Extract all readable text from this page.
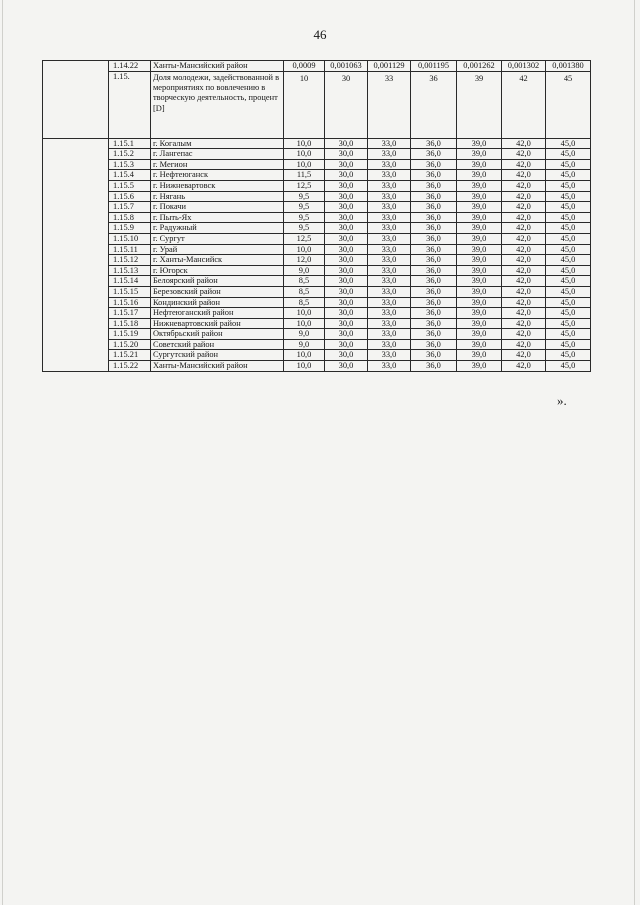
46
	1.14.22	Ханты-Мансийский район	0,0009	0,001063	0,001129	0,001195	0,001262	0,001302	0,001380
	1.15.	Доля молодежи, задействованной в мероприятиях по вовлечению в творческую деятельность, процент [D]	10	30	33	36	39	42	45
	1.15.1	г. Когалым	10,0	30,0	33,0	36,0	39,0	42,0	45,0
	1.15.2	г. Лангепас	10,0	30,0	33,0	36,0	39,0	42,0	45,0
	1.15.3	г. Мегион	10,0	30,0	33,0	36,0	39,0	42,0	45,0
	1.15.4	г. Нефтеюганск	11,5	30,0	33,0	36,0	39,0	42,0	45,0
	1.15.5	г. Нижневартовск	12,5	30,0	33,0	36,0	39,0	42,0	45,0
	1.15.6	г. Нягань	9,5	30,0	33,0	36,0	39,0	42,0	45,0
	1.15.7	г. Покачи	9,5	30,0	33,0	36,0	39,0	42,0	45,0
	1.15.8	г. Пыть-Ях	9,5	30,0	33,0	36,0	39,0	42,0	45,0
	1.15.9	г. Радужный	9,5	30,0	33,0	36,0	39,0	42,0	45,0
	1.15.10	г. Сургут	12,5	30,0	33,0	36,0	39,0	42,0	45,0
	1.15.11	г. Урай	10,0	30,0	33,0	36,0	39,0	42,0	45,0
	1.15.12	г. Ханты-Мансийск	12,0	30,0	33,0	36,0	39,0	42,0	45,0
	1.15.13	г. Югорск	9,0	30,0	33,0	36,0	39,0	42,0	45,0
	1.15.14	Белоярский район	8,5	30,0	33,0	36,0	39,0	42,0	45,0
	1.15.15	Березовский район	8,5	30,0	33,0	36,0	39,0	42,0	45,0
	1.15.16	Кондинский район	8,5	30,0	33,0	36,0	39,0	42,0	45,0
	1.15.17	Нефтеюганский район	10,0	30,0	33,0	36,0	39,0	42,0	45,0
	1.15.18	Нижневартовский район	10,0	30,0	33,0	36,0	39,0	42,0	45,0
	1.15.19	Октябрьский район	9,0	30,0	33,0	36,0	39,0	42,0	45,0
	1.15.20	Советский район	9,0	30,0	33,0	36,0	39,0	42,0	45,0
	1.15.21	Сургутский район	10,0	30,0	33,0	36,0	39,0	42,0	45,0
	1.15.22	Ханты-Мансийский район	10,0	30,0	33,0	36,0	39,0	42,0	45,0
».
